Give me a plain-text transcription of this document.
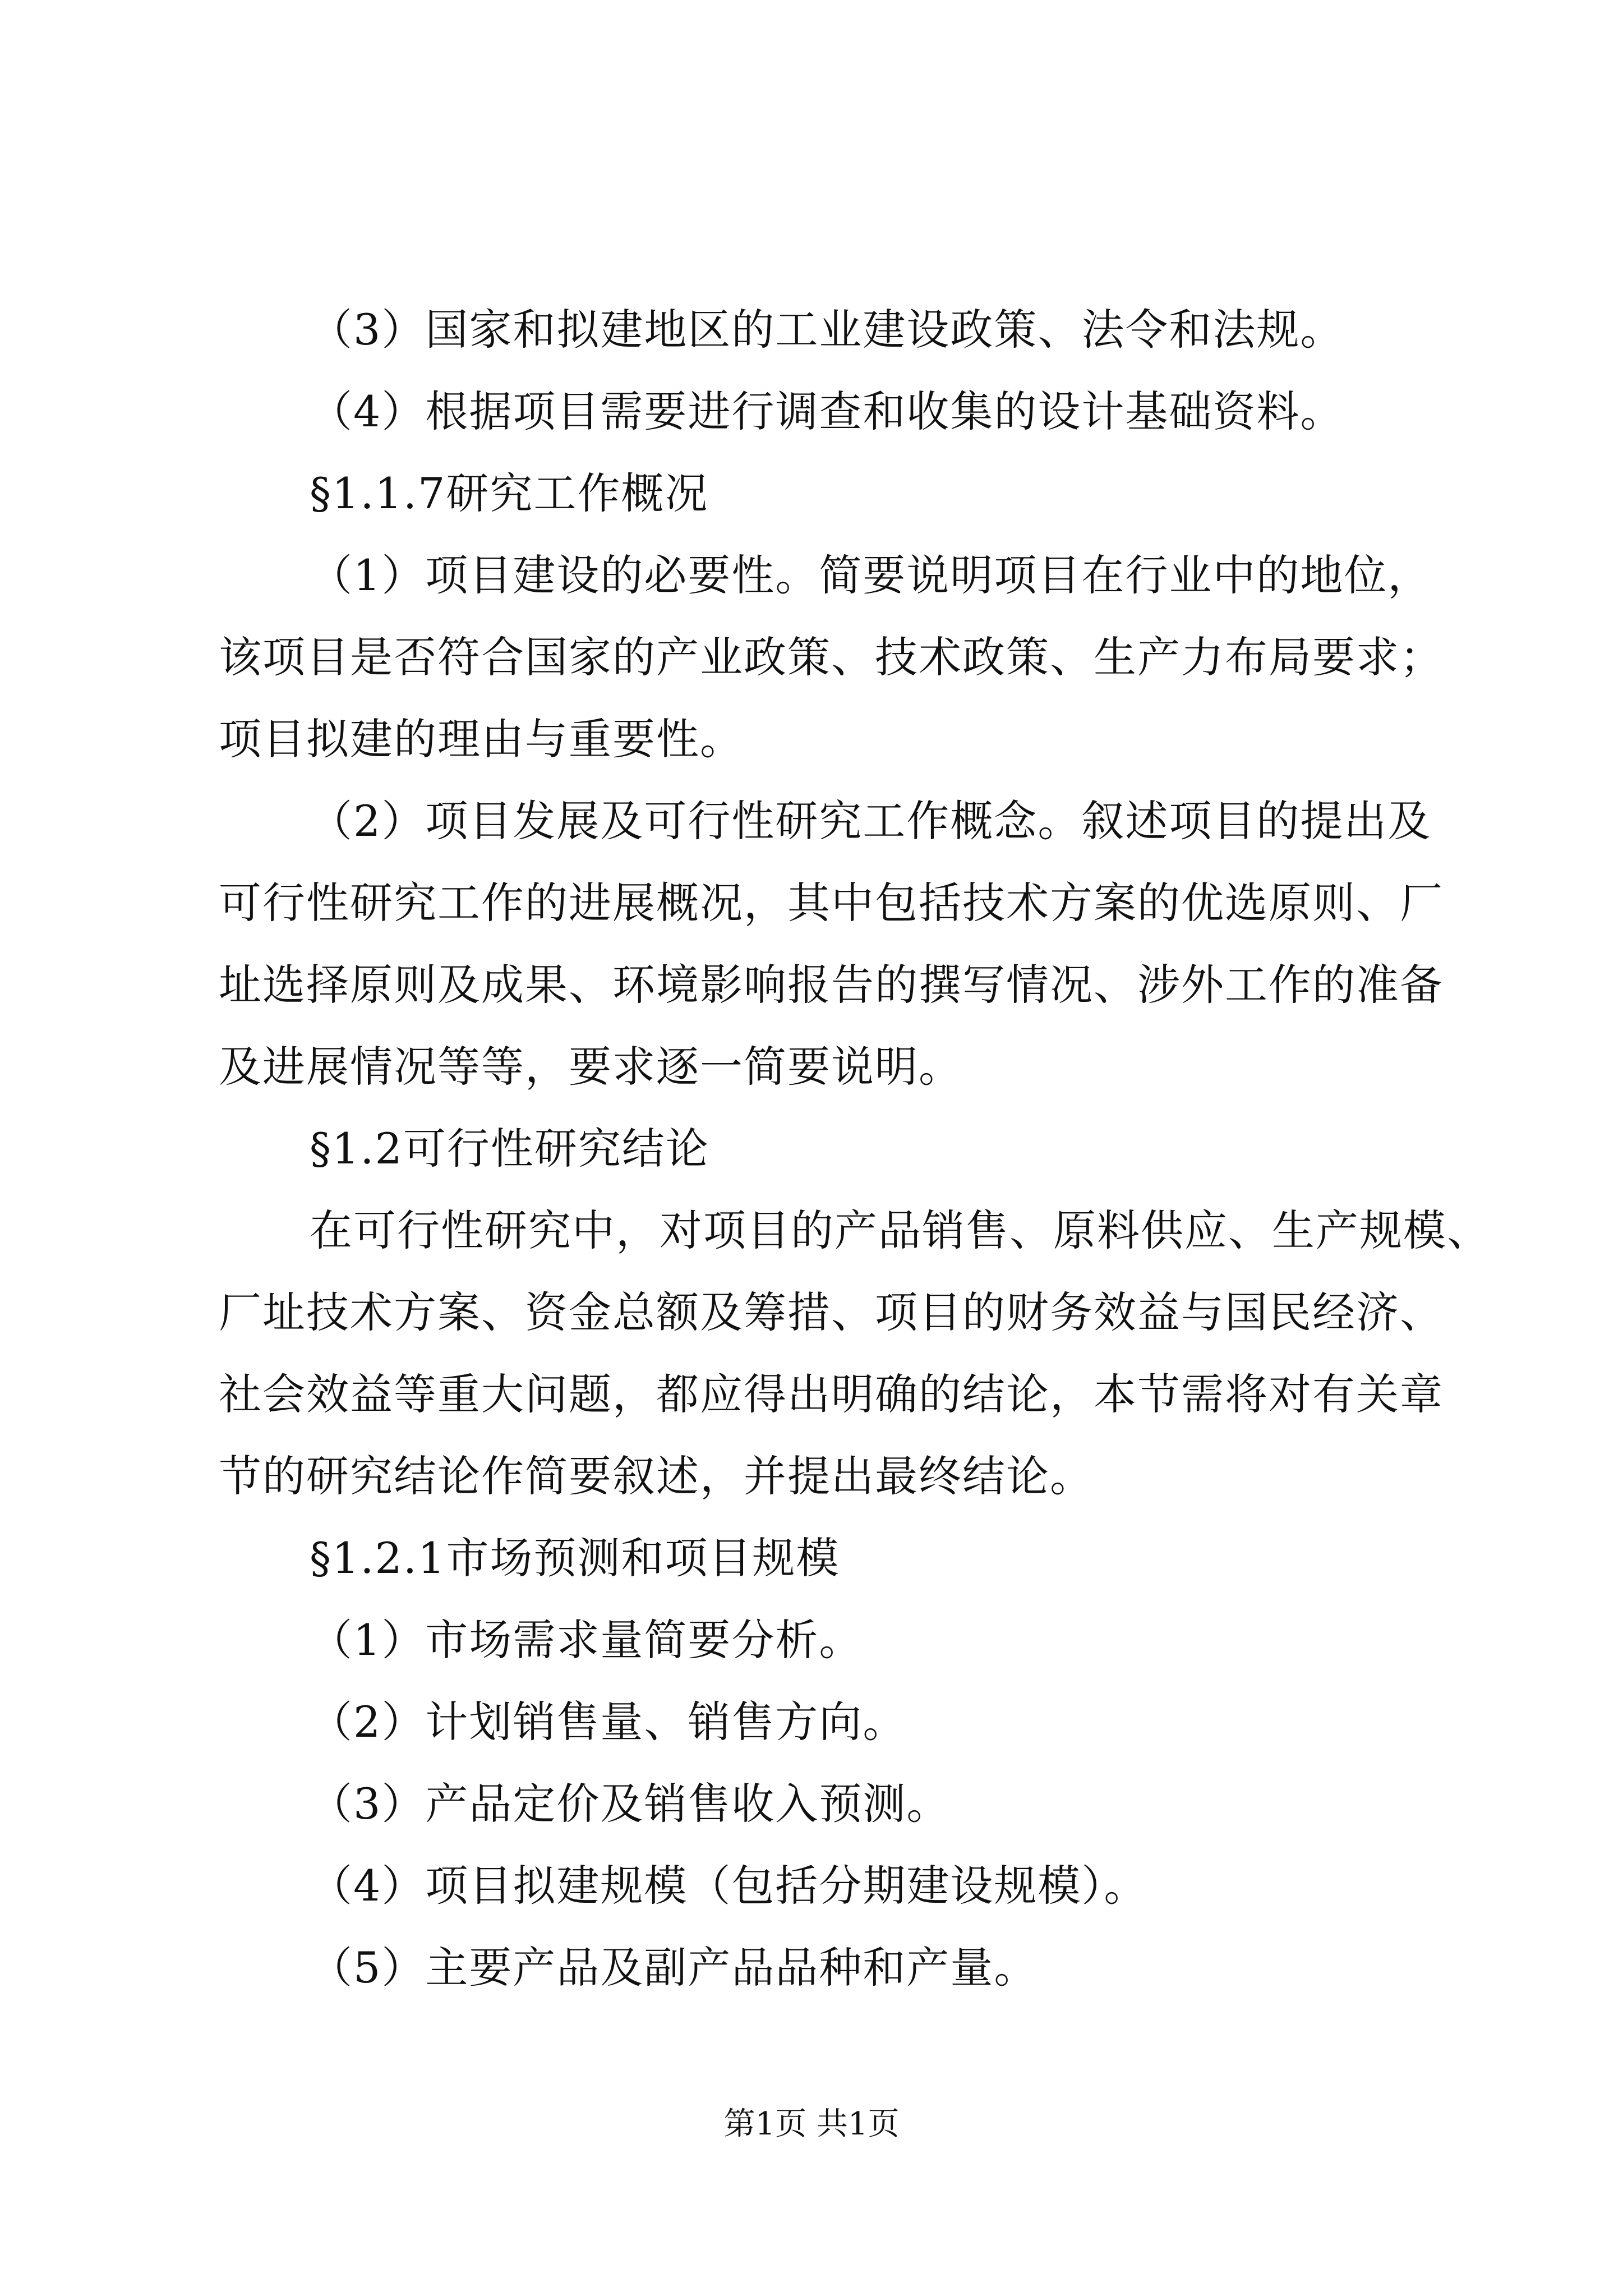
（3）国家和拟建地区的工业建设政策、法令和法规。
（4）根据项目需要进行调查和收集的设计基础资料。
§1.1.7研究工作概况
（1）项目建设的必要性。简要说明项目在行业中的地位，
该项目是否符合国家的产业政策、技术政策、生产力布局要求；
项目拟建的理由与重要性。
（2）项目发展及可行性研究工作概念。叙述项目的提出及
可行性研究工作的进展概况，其中包括技术方案的优选原则、厂
址选择原则及成果、环境影响报告的撰写情况、涉外工作的准备
及进展情况等等，要求逐一简要说明。
§1.2可行性研究结论
在可行性研究中，对项目的产品销售、原料供应、生产规模、
厂址技术方案、资金总额及筹措、项目的财务效益与国民经济、
社会效益等重大问题，都应得出明确的结论，本节需将对有关章
节的研究结论作简要叙述，并提出最终结论。
§1.2.1市场预测和项目规模
（1）市场需求量简要分析。
（2）计划销售量、销售方向。
（3）产品定价及销售收入预测。
（4）项目拟建规模（包括分期建设规模）。
（5）主要产品及副产品品种和产量。
第1页 共1页
